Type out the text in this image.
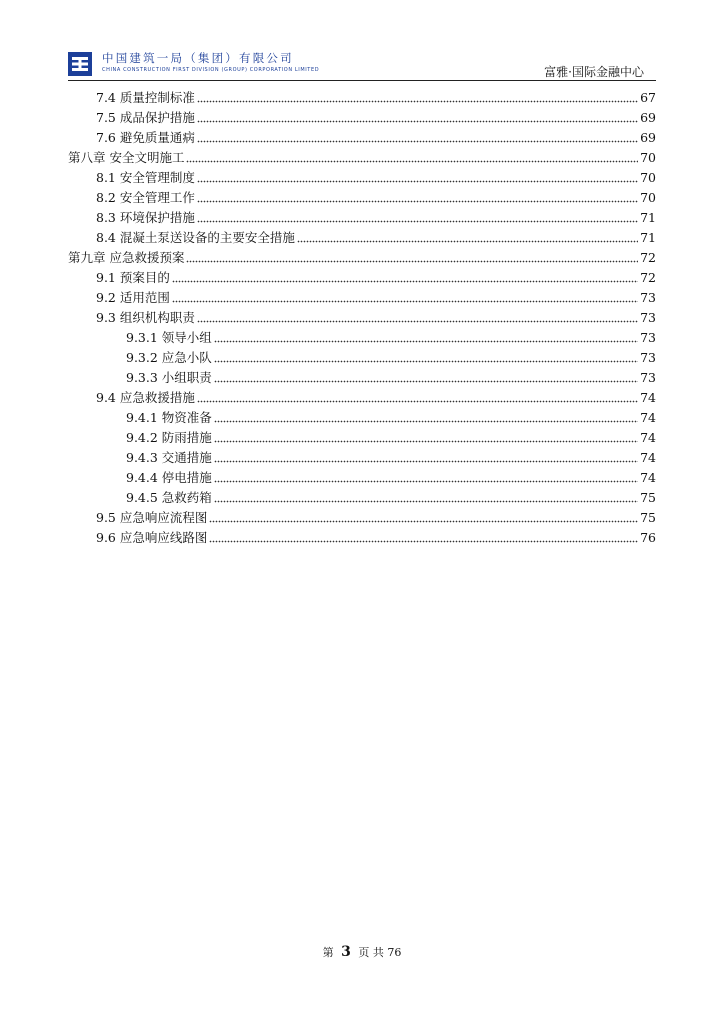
中国建筑一局（集团）有限公司
CHINA CONSTRUCTION FIRST DIVISION (GROUP) CORPORATION LIMITED	富雅·国际金融中心
7.4 质量控制标准	67
7.5 成品保护措施	69
7.6 避免质量通病	69
第八章 安全文明施工	70
8.1 安全管理制度	70
8.2 安全管理工作	70
8.3 环境保护措施	71
8.4 混凝土泵送设备的主要安全措施	71
第九章 应急救援预案	72
9.1 预案目的	72
9.2 适用范围	73
9.3 组织机构职责	73
9.3.1 领导小组	73
9.3.2 应急小队	73
9.3.3 小组职责	73
9.4 应急救援措施	74
9.4.1 物资准备	74
9.4.2 防雨措施	74
9.4.3 交通措施	74
9.4.4 停电措施	74
9.4.5 急救药箱	75
9.5 应急响应流程图	75
9.6 应急响应线路图	76
第 3 页 共 76
